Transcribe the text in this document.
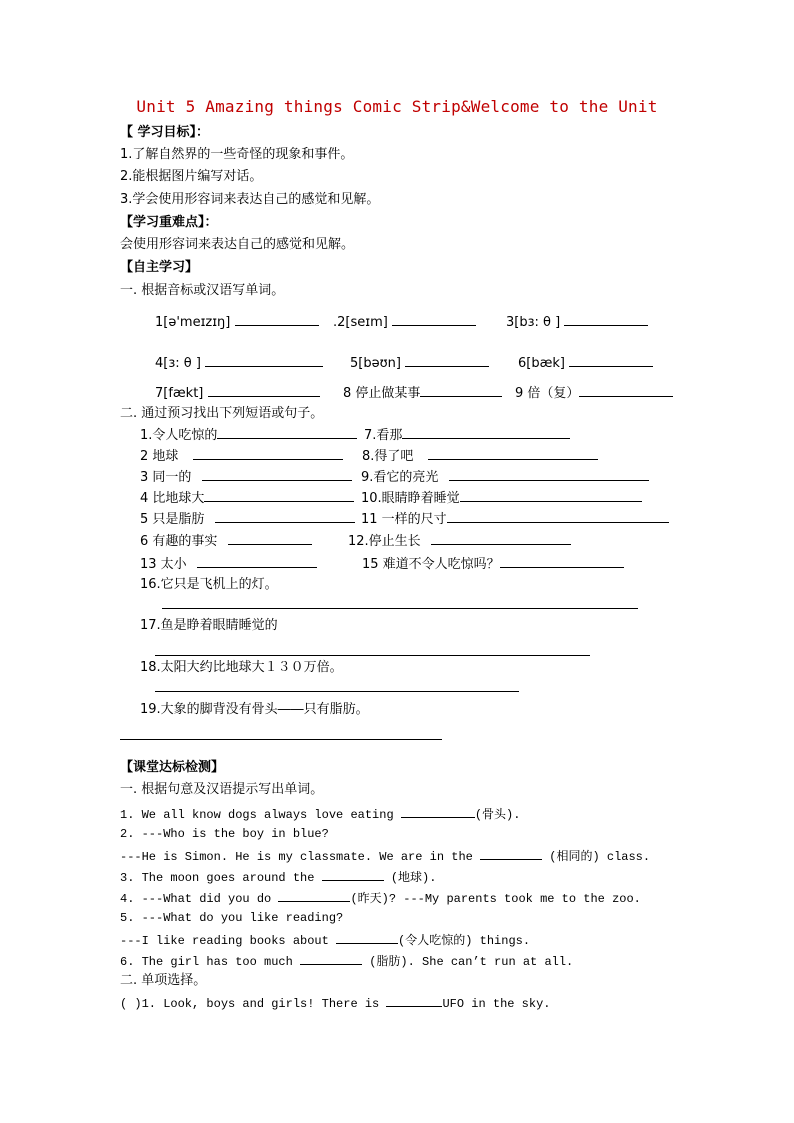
Unit 5 Amazing things Comic Strip&Welcome to the Unit
【 学习目标】：
1.了解自然界的一些奇怪的现象和事件。
2.能根据图片编写对话。
3.学会使用形容词来表达自己的感觉和见解。
【学习重难点】：
会使用形容词来表达自己的感觉和见解。
【自主学习】
一. 根据音标或汉语写单词。
1[ə'meɪzɪŋ]	.2[seɪm]	3[bɜ: θ ]
4[ɜ: θ ]	5[bəʊn]	6[bæk]
7[fækt]	8 停止做某事	9 倍（复）
二. 通过预习找出下列短语或句子。
1.令人吃惊的	7.看那
2 地球	8.得了吧
3 同一的	9.看它的亮光
4 比地球大	10.眼睛睁着睡觉
5 只是脂肪	11 一样的尺寸
6 有趣的事实	12.停止生长
13 太小	15 难道不令人吃惊吗？
16.它只是飞机上的灯。
17.鱼是睁着眼睛睡觉的
18.太阳大约比地球大１３０万倍。
19.大象的脚背没有骨头――只有脂肪。
【课堂达标检测】
一. 根据句意及汉语提示写出单词。
1. We all know dogs always love eating	(骨头).
2. ---Who is the boy in blue?
---He is Simon. He is my classmate. We are in the	(相同的) class.
3. The moon goes around the	(地球).
4. ---What did you do	(昨天)? ---My parents took me to the zoo.
5. ---What do you like reading?
---I like reading books about	(令人吃惊的) things.
6. The girl has too much	(脂肪). She can’t run at all.
二. 单项选择。
( )1. Look, boys and girls! There is	UFO in the sky.
